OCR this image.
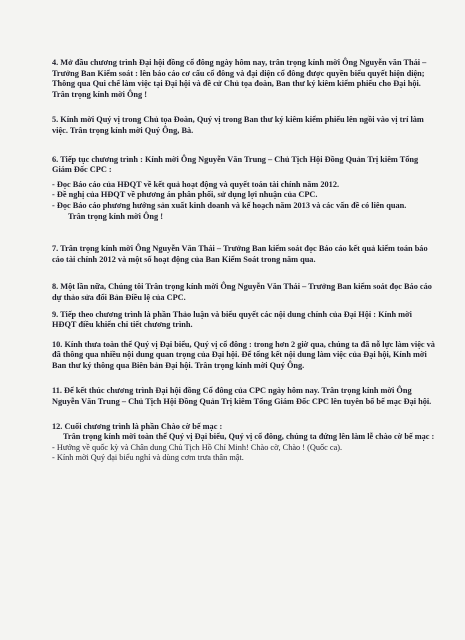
4. Mở đầu chương trình Đại hội đồng cổ đông ngày hôm nay, trân trọng kính mời Ông Nguyễn văn Thái – Trưởng Ban Kiểm soát : lên báo cáo cơ cấu cổ đông và đại diện cổ đông được quyền biểu quyết hiện diện; Thông qua Qui chế làm việc tại Đại hội và đề cử Chủ tọa đoàn, Ban thư ký kiêm kiểm phiếu cho Đại hội. Trân trọng kính mời Ông !

5. Kính mời Quý vị trong Chủ tọa Đoàn, Quý vị trong Ban thư ký kiêm kiểm phiếu lên ngồi vào vị trí làm việc. Trân trọng kính mời Quý Ông, Bà.

6. Tiếp tục chương trình : Kính mời Ông Nguyễn Văn Trung – Chủ Tịch Hội Đồng Quản Trị kiêm Tổng Giám Đốc CPC :

- Đọc Báo cáo của HĐQT về kết quả hoạt động và quyết toán tài chính năm 2012.

- Đề nghị của HĐQT về phương án phân phối, sử dụng lợi nhuận của CPC.

- Đọc Báo cáo phương hướng sản xuất kinh doanh và kế hoạch năm 2013 và các vấn đề có liên quan.

Trân trọng kính mời Ông !

7. Trân trọng kính mời Ông Nguyễn Văn Thái – Trưởng Ban kiểm soát đọc Báo cáo kết quả kiểm toán báo cáo tài chính 2012 và một số hoạt động của Ban Kiểm Soát trong năm qua.

8. Một lần nữa, Chúng tôi Trân trọng kính mời Ông Nguyễn Văn Thái – Trưởng Ban kiểm soát đọc Báo cáo dự thảo sửa đổi Bản Điều lệ của CPC.

9. Tiếp theo chương trình là phần Thảo luận và biểu quyết các nội dung chính của Đại Hội : Kính mời HĐQT điều khiển chi tiết chương trình.

10. Kính thưa toàn thể Quý vị Đại biểu, Quý vị cổ đông : trong hơn 2 giờ qua, chúng ta đã nỗ lực làm việc và đã thông qua nhiều nội dung quan trọng của Đại hội. Để tổng kết nội dung làm việc của Đại hội, Kính mời Ban thư ký thông qua Biên bản Đại hội. Trân trọng kính mời Quý Ông.

11. Để kết thúc chương trình Đại hội đồng Cổ đông của CPC ngày hôm nay. Trân trọng kính mời Ông Nguyễn Văn Trung – Chủ Tịch Hội Đồng Quản Trị kiêm Tổng Giám Đốc CPC lên tuyên bố bế mạc Đại hội.

12. Cuối chương trình là phần Chào cờ bế mạc :

Trân trọng kính mời toàn thể Quý vị Đại biểu, Quý vị cổ đông, chúng ta đứng lên làm lễ chào cờ bế mạc :

- Hướng về quốc kỳ và Chân dung Chủ Tịch Hồ Chí Minh! Chào cờ, Chào ! (Quốc ca).

- Kính mời Quý đại biểu nghỉ và dùng cơm trưa thân mật.
